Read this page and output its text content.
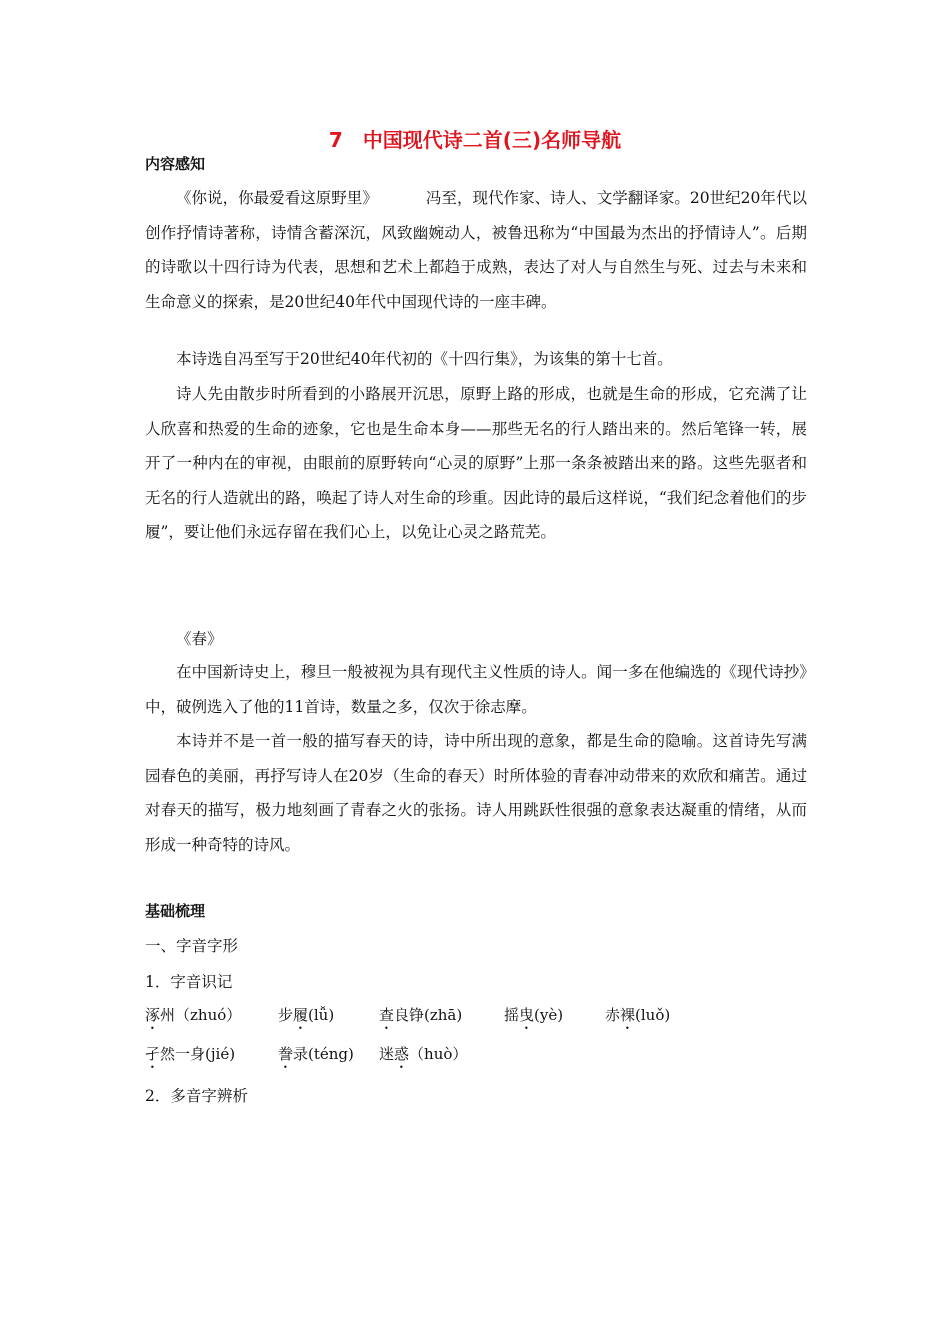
7 中国现代诗二首(三)名师导航
内容感知
《你说，你最爱看这原野里》	冯至，现代作家、诗人、文学翻译家。20世纪20年代以创作抒情诗著称，诗情含蓄深沉，风致幽婉动人，被鲁迅称为“中国最为杰出的抒情诗人”。后期的诗歌以十四行诗为代表，思想和艺术上都趋于成熟，表达了对人与自然生与死、过去与未来和生命意义的探索，是20世纪40年代中国现代诗的一座丰碑。
本诗选自冯至写于20世纪40年代初的《十四行集》，为该集的第十七首。
诗人先由散步时所看到的小路展开沉思，原野上路的形成，也就是生命的形成，它充满了让人欣喜和热爱的生命的迹象，它也是生命本身——那些无名的行人踏出来的。然后笔锋一转，展开了一种内在的审视，由眼前的原野转向“心灵的原野”上那一条条被踏出来的路。这些先驱者和无名的行人造就出的路，唤起了诗人对生命的珍重。因此诗的最后这样说，“我们纪念着他们的步履”，要让他们永远存留在我们心上，以免让心灵之路荒芜。
《春》
在中国新诗史上，穆旦一般被视为具有现代主义性质的诗人。闻一多在他编选的《现代诗抄》中，破例选入了他的11首诗，数量之多，仅次于徐志摩。
本诗并不是一首一般的描写春天的诗，诗中所出现的意象，都是生命的隐喻。这首诗先写满园春色的美丽，再抒写诗人在20岁（生命的春天）时所体验的青春冲动带来的欢欣和痛苦。通过对春天的描写，极力地刻画了青春之火的张扬。诗人用跳跃性很强的意象表达凝重的情绪，从而形成一种奇特的诗风。
基础梳理
一、字音字形
1．字音识记
涿州（zhuó） 步履(lǚ)	查良铮(zhā)	摇曳(yè)	赤裸(luǒ)
孑然一身(jié)	誊录(téng) 迷惑（huò）
2．多音字辨析
